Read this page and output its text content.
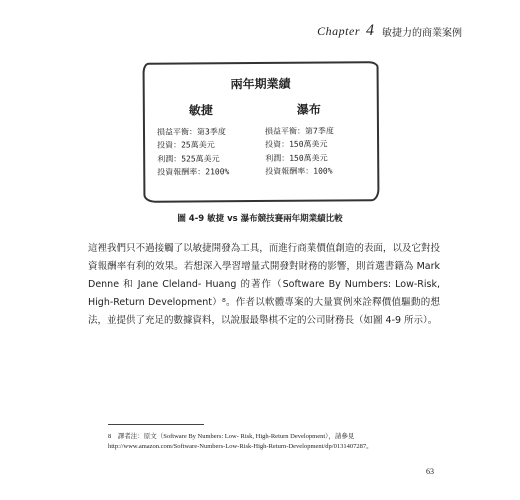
Chapter 4 敏捷力的商業案例
兩年期業績
敏捷
損益平衡：第3季度
投資：25萬美元
利潤：525萬美元
投資報酬率：2100%
瀑布
損益平衡：第7季度
投資：150萬美元
利潤：150萬美元
投資報酬率：100%
圖 4-9 敏捷 vs 瀑布競技賽兩年期業績比較
這裡我們只不過接觸了以敏捷開發為工具，而進行商業價值創造的表面，以及它對投資報酬率有利的效果。若想深入學習增量式開發對財務的影響，則首選書籍為 Mark Denne 和 Jane Cleland- Huang 的著作（Software By Numbers: Low-Risk, High-Return Development）⁸。作者以軟體專案的大量實例來詮釋價值驅動的想法，並提供了充足的數據資料，以說服最舉棋不定的公司財務長（如圖 4-9 所示）。
8　譯者注：原文（Software By Numbers: Low- Risk, High-Return Development），請參見 http://www.amazon.com/Software-Numbers-Low-Risk-High-Return-Development/dp/0131407287。
63
